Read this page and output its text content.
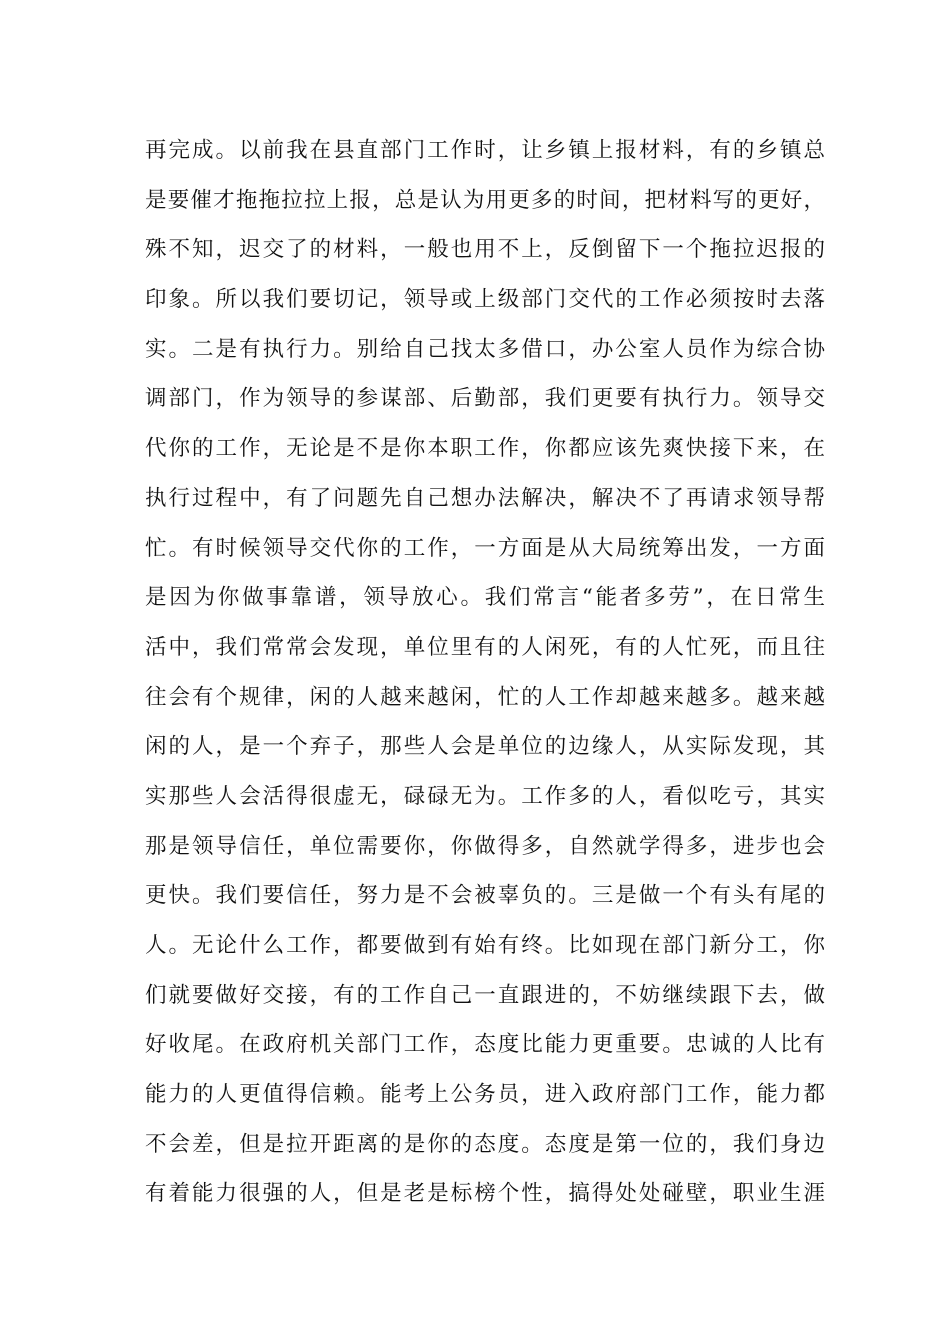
再完成。以前我在县直部门工作时，让乡镇上报材料，有的乡镇总
是要催才拖拖拉拉上报，总是认为用更多的时间，把材料写的更好，
殊不知，迟交了的材料，一般也用不上，反倒留下一个拖拉迟报的
印象。所以我们要切记，领导或上级部门交代的工作必须按时去落
实。二是有执行力。别给自己找太多借口，办公室人员作为综合协
调部门，作为领导的参谋部、后勤部，我们更要有执行力。领导交
代你的工作，无论是不是你本职工作，你都应该先爽快接下来，在
执行过程中，有了问题先自己想办法解决，解决不了再请求领导帮
忙。有时候领导交代你的工作，一方面是从大局统筹出发，一方面
是因为你做事靠谱，领导放心。我们常言“能者多劳”，在日常生
活中，我们常常会发现，单位里有的人闲死，有的人忙死，而且往
往会有个规律，闲的人越来越闲，忙的人工作却越来越多。越来越
闲的人，是一个弃子，那些人会是单位的边缘人，从实际发现，其
实那些人会活得很虚无，碌碌无为。工作多的人，看似吃亏，其实
那是领导信任，单位需要你，你做得多，自然就学得多，进步也会
更快。我们要信任，努力是不会被辜负的。三是做一个有头有尾的
人。无论什么工作，都要做到有始有终。比如现在部门新分工，你
们就要做好交接，有的工作自己一直跟进的，不妨继续跟下去，做
好收尾。在政府机关部门工作，态度比能力更重要。忠诚的人比有
能力的人更值得信赖。能考上公务员，进入政府部门工作，能力都
不会差，但是拉开距离的是你的态度。态度是第一位的，我们身边
有着能力很强的人，但是老是标榜个性，搞得处处碰壁，职业生涯
